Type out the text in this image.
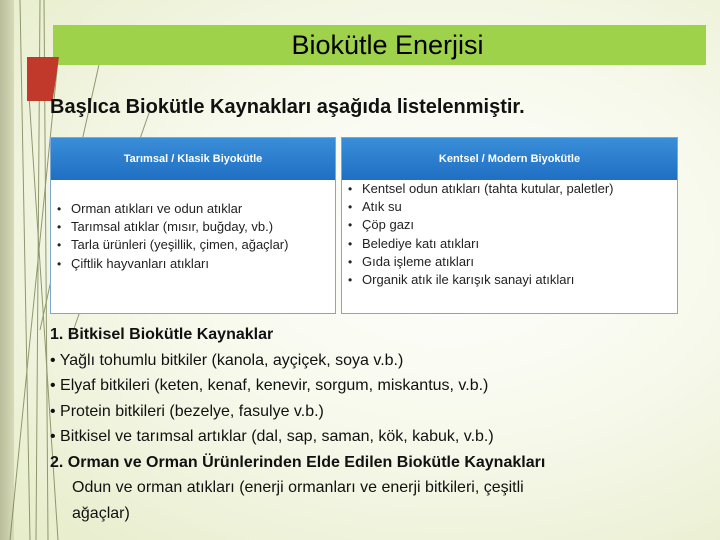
Biokütle Enerjisi
Başlıca Biokütle Kaynakları aşağıda listelenmiştir.
Tarımsal / Klasik Biyokütle
• Orman atıkları ve odun atıklar
• Tarımsal atıklar (mısır, buğday, vb.)
• Tarla ürünleri (yeşillik, çimen, ağaçlar)
• Çiftlik hayvanları atıkları
Kentsel / Modern Biyokütle
• Kentsel odun atıkları (tahta kutular, paletler)
• Atık su
• Çöp gazı
• Belediye katı atıkları
• Gıda işleme atıkları
• Organik atık ile karışık sanayi atıkları
1. Bitkisel Biokütle Kaynaklar
• Yağlı tohumlu bitkiler (kanola, ayçiçek, soya v.b.)
• Elyaf bitkileri (keten, kenaf, kenevir, sorgum, miskantus, v.b.)
• Protein bitkileri (bezelye, fasulye v.b.)
• Bitkisel ve tarımsal artıklar (dal, sap, saman, kök, kabuk, v.b.)
2. Orman ve Orman Ürünlerinden Elde Edilen Biokütle Kaynakları
Odun ve orman atıkları (enerji ormanları ve enerji bitkileri, çeşitli
ağaçlar)
